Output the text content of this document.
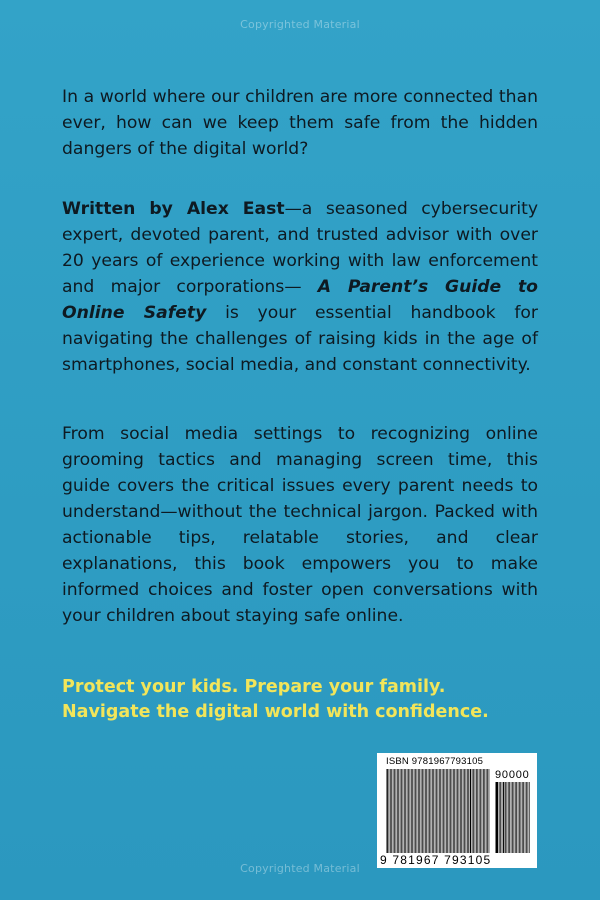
Copyrighted Material

In a world where our children are more connected than ever, how can we keep them safe from the hidden dangers of the digital world?

Written by Alex East—a seasoned cybersecurity expert, devoted parent, and trusted advisor with over 20 years of experience working with law enforcement and major corporations— A Parent’s Guide to Online Safety is your essential handbook for navigating the challenges of raising kids in the age of smartphones, social media, and constant connectivity.

From social media settings to recognizing online grooming tactics and managing screen time, this guide covers the critical issues every parent needs to understand—without the technical jargon. Packed with actionable tips, relatable stories, and clear explanations, this book empowers you to make informed choices and foster open conversations with your children about staying safe online.

Protect your kids. Prepare your family. Navigate the digital world with confidence.

ISBN 9781967793105
90000
9 781967 793105
Copyrighted Material
